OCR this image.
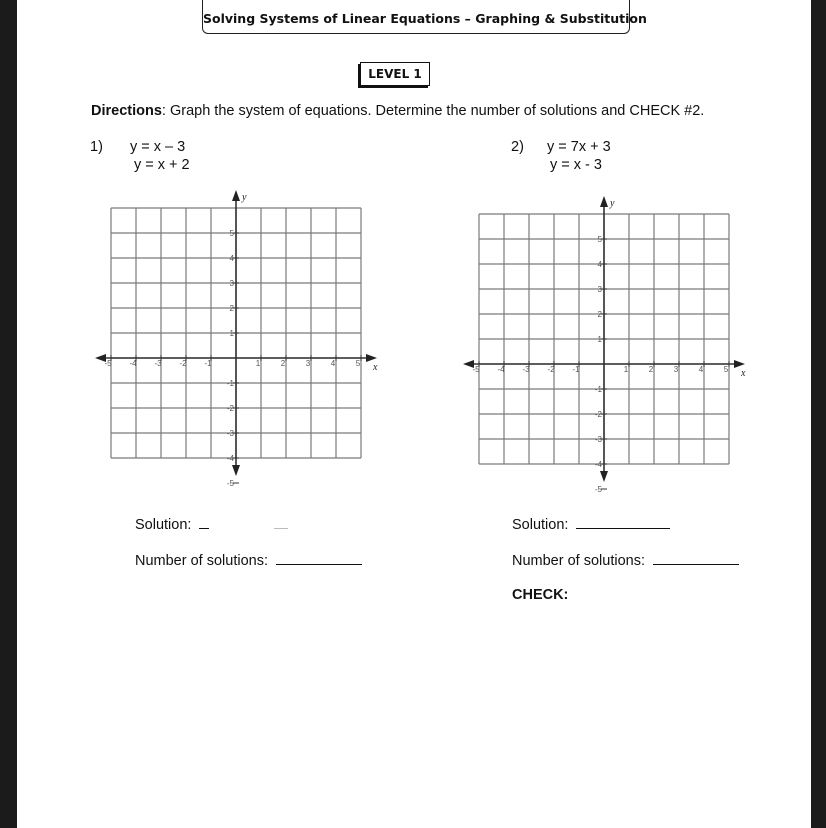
Solving Systems of Linear Equations – Graphing & Substitution
LEVEL 1
Directions: Graph the system of equations. Determine the number of solutions and CHECK #2.
1) y = x – 3
y = x + 2
2) y = 7x + 3
y = x - 3
x
y
-5 -4 -3 -2 -1	1	2	3	4	5
5
4
3
2
1
-1
-2
-3
-4
-5
x
y
-5 -4 -3 -2 -1	1	2	3	4	5
5
4
3
2
1
-1
-2
-3
-4
-5
Solution:
Number of solutions:
Solution:
Number of solutions:
CHECK:
